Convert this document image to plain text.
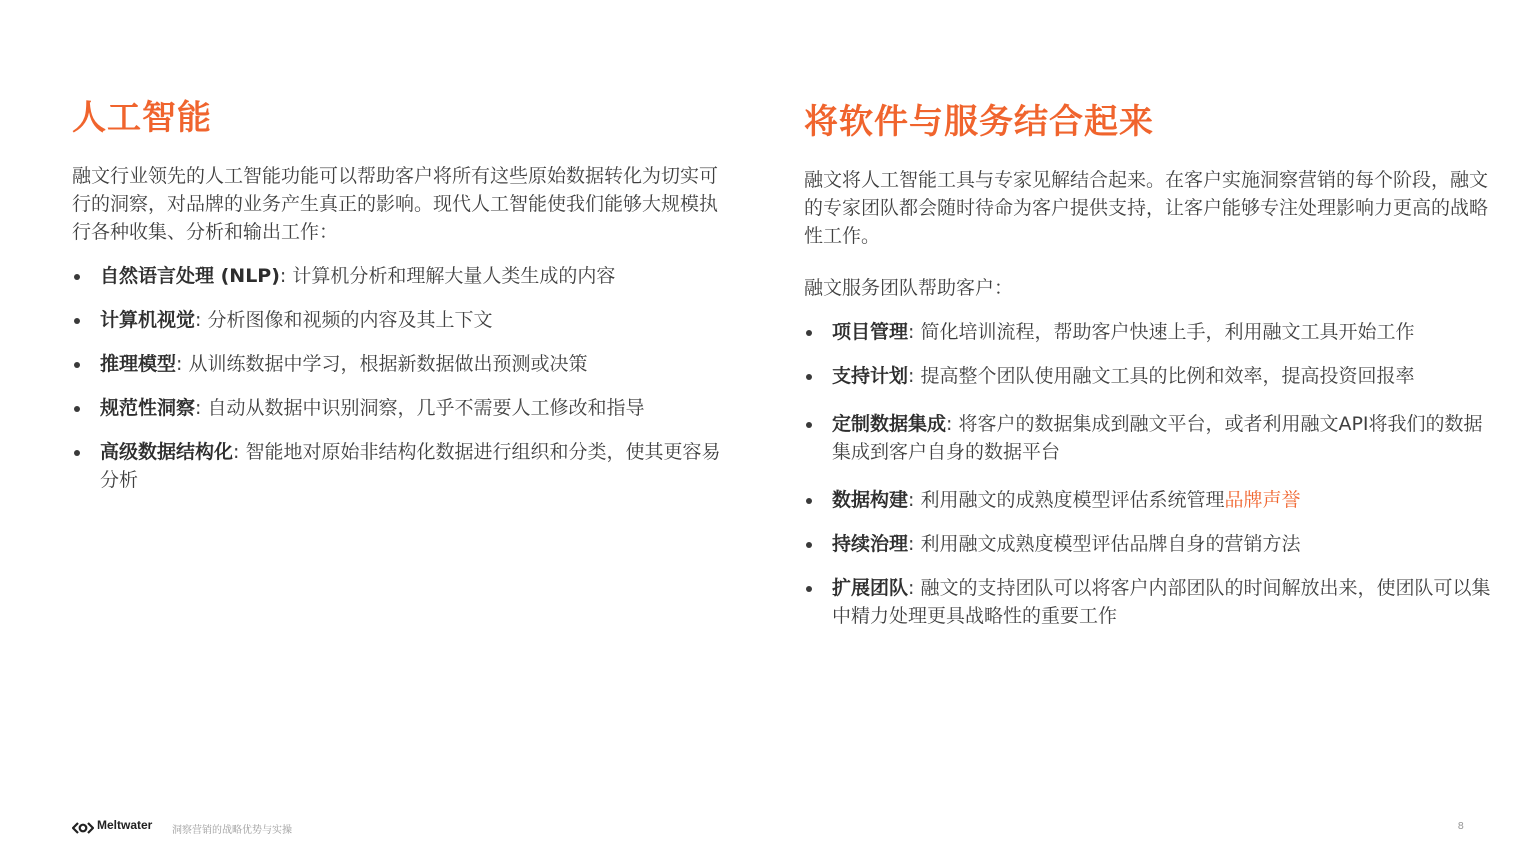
人工智能

融文行业领先的人工智能功能可以帮助客户将所有这些原始数据转化为切实可行的洞察，对品牌的业务产生真正的影响。现代人工智能使我们能够大规模执行各种收集、分析和输出工作：

自然语言处理 (NLP): 计算机分析和理解大量人类生成的内容
计算机视觉: 分析图像和视频的内容及其上下文
推理模型: 从训练数据中学习，根据新数据做出预测或决策
规范性洞察: 自动从数据中识别洞察，几乎不需要人工修改和指导
高级数据结构化: 智能地对原始非结构化数据进行组织和分类，使其更容易分析
将软件与服务结合起来

融文将人工智能工具与专家见解结合起来。在客户实施洞察营销的每个阶段，融文的专家团队都会随时待命为客户提供支持，让客户能够专注处理影响力更高的战略性工作。

融文服务团队帮助客户：

项目管理: 简化培训流程，帮助客户快速上手，利用融文工具开始工作
支持计划: 提高整个团队使用融文工具的比例和效率，提高投资回报率
定制数据集成: 将客户的数据集成到融文平台，或者利用融文API将我们的数据集成到客户自身的数据平台
数据构建: 利用融文的成熟度模型评估系统管理品牌声誉
持续治理: 利用融文成熟度模型评估品牌自身的营销方法
扩展团队: 融文的支持团队可以将客户内部团队的时间解放出来，使团队可以集中精力处理更具战略性的重要工作
Meltwater 洞察营销的战略优势与实操	8
